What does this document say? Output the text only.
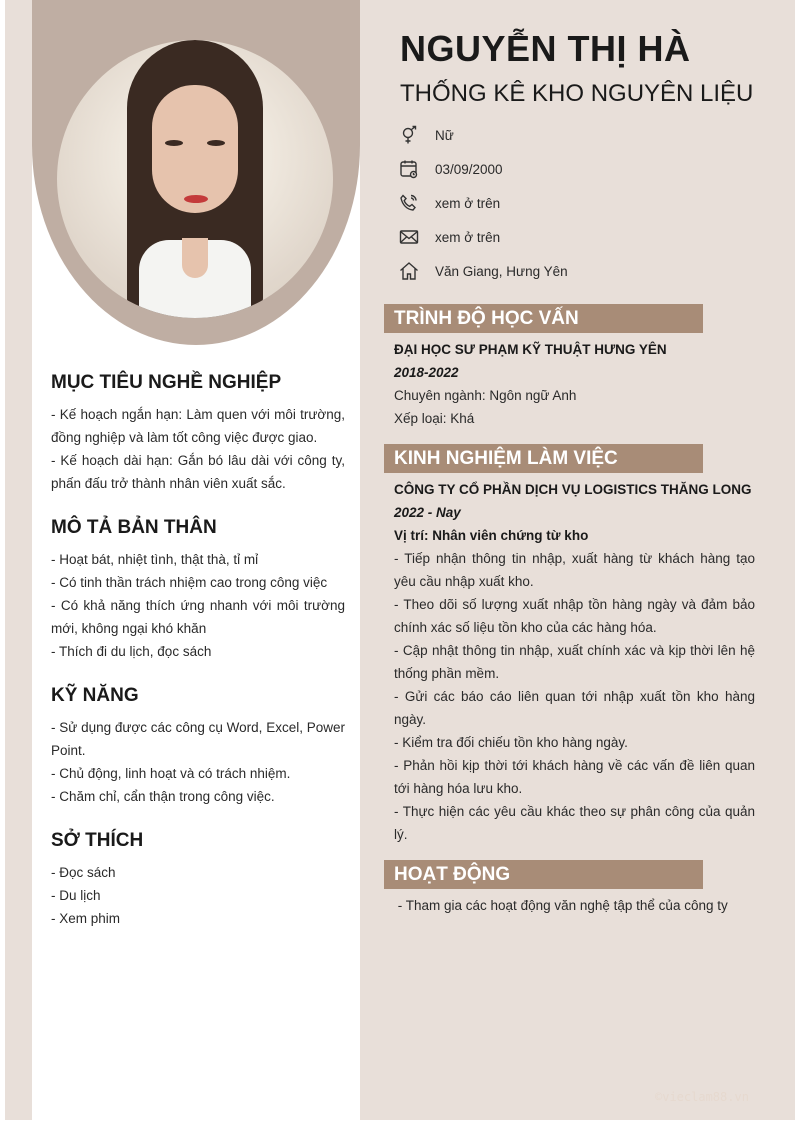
MỤC TIÊU NGHỀ NGHIỆP

- Kế hoạch ngắn hạn: Làm quen với môi trường, đồng nghiệp và làm tốt công việc được giao.

- Kế hoạch dài hạn: Gắn bó lâu dài với công ty, phấn đấu trở thành nhân viên xuất sắc.

MÔ TẢ BẢN THÂN

- Hoạt bát, nhiệt tình, thật thà, tỉ mỉ

- Có tinh thần trách nhiệm cao trong công việc

- Có khả năng thích ứng nhanh với môi trường mới, không ngại khó khăn

- Thích đi du lịch, đọc sách

KỸ NĂNG

- Sử dụng được các công cụ Word, Excel, Power Point.

- Chủ động, linh hoạt và có trách nhiệm.

- Chăm chỉ, cẩn thận trong công việc.

SỞ THÍCH

- Đọc sách

- Du lịch

- Xem phim

NGUYỄN THỊ HÀ
THỐNG KÊ KHO NGUYÊN LIỆU
Nữ
03/09/2000
xem ở trên
xem ở trên
Văn Giang, Hưng Yên
TRÌNH ĐỘ HỌC VẤN

ĐẠI HỌC SƯ PHẠM KỸ THUẬT HƯNG YÊN

2018-2022

Chuyên ngành: Ngôn ngữ Anh

Xếp loại: Khá

KINH NGHIỆM LÀM VIỆC

CÔNG TY CỔ PHẦN DỊCH VỤ LOGISTICS THĂNG LONG

2022 - Nay

Vị trí: Nhân viên chứng từ kho

- Tiếp nhận thông tin nhập, xuất hàng từ khách hàng tạo yêu cầu nhập xuất kho.

- Theo dõi số lượng xuất nhập tồn hàng ngày và đảm bảo chính xác số liệu tồn kho của các hàng hóa.

- Cập nhật thông tin nhập, xuất chính xác và kịp thời lên hệ thống phần mềm.

- Gửi các báo cáo liên quan tới nhập xuất tồn kho hàng ngày.

- Kiểm tra đối chiếu tồn kho hàng ngày.

- Phản hồi kịp thời tới khách hàng về các vấn đề liên quan tới hàng hóa lưu kho.

- Thực hiện các yêu cầu khác theo sự phân công của quản lý.

HOẠT ĐỘNG

- Tham gia các hoạt động văn nghệ tập thể của công ty

©vieclam88.vn
